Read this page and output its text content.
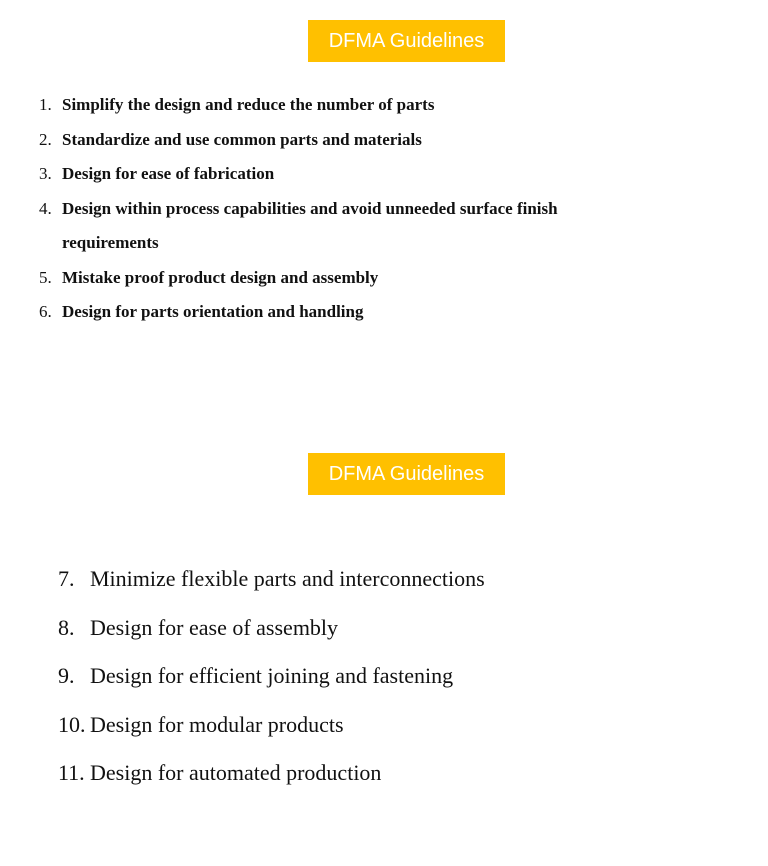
DFMA Guidelines
1. Simplify the design and reduce the number of parts
2. Standardize and use common parts and materials
3. Design for ease of fabrication
4. Design within process capabilities and avoid unneeded surface finish requirements
5. Mistake proof product design and assembly
6. Design for parts orientation and handling
DFMA Guidelines
7. Minimize flexible parts and interconnections
8. Design for ease of assembly
9. Design for efficient joining and fastening
10. Design for modular products
11. Design for automated production
